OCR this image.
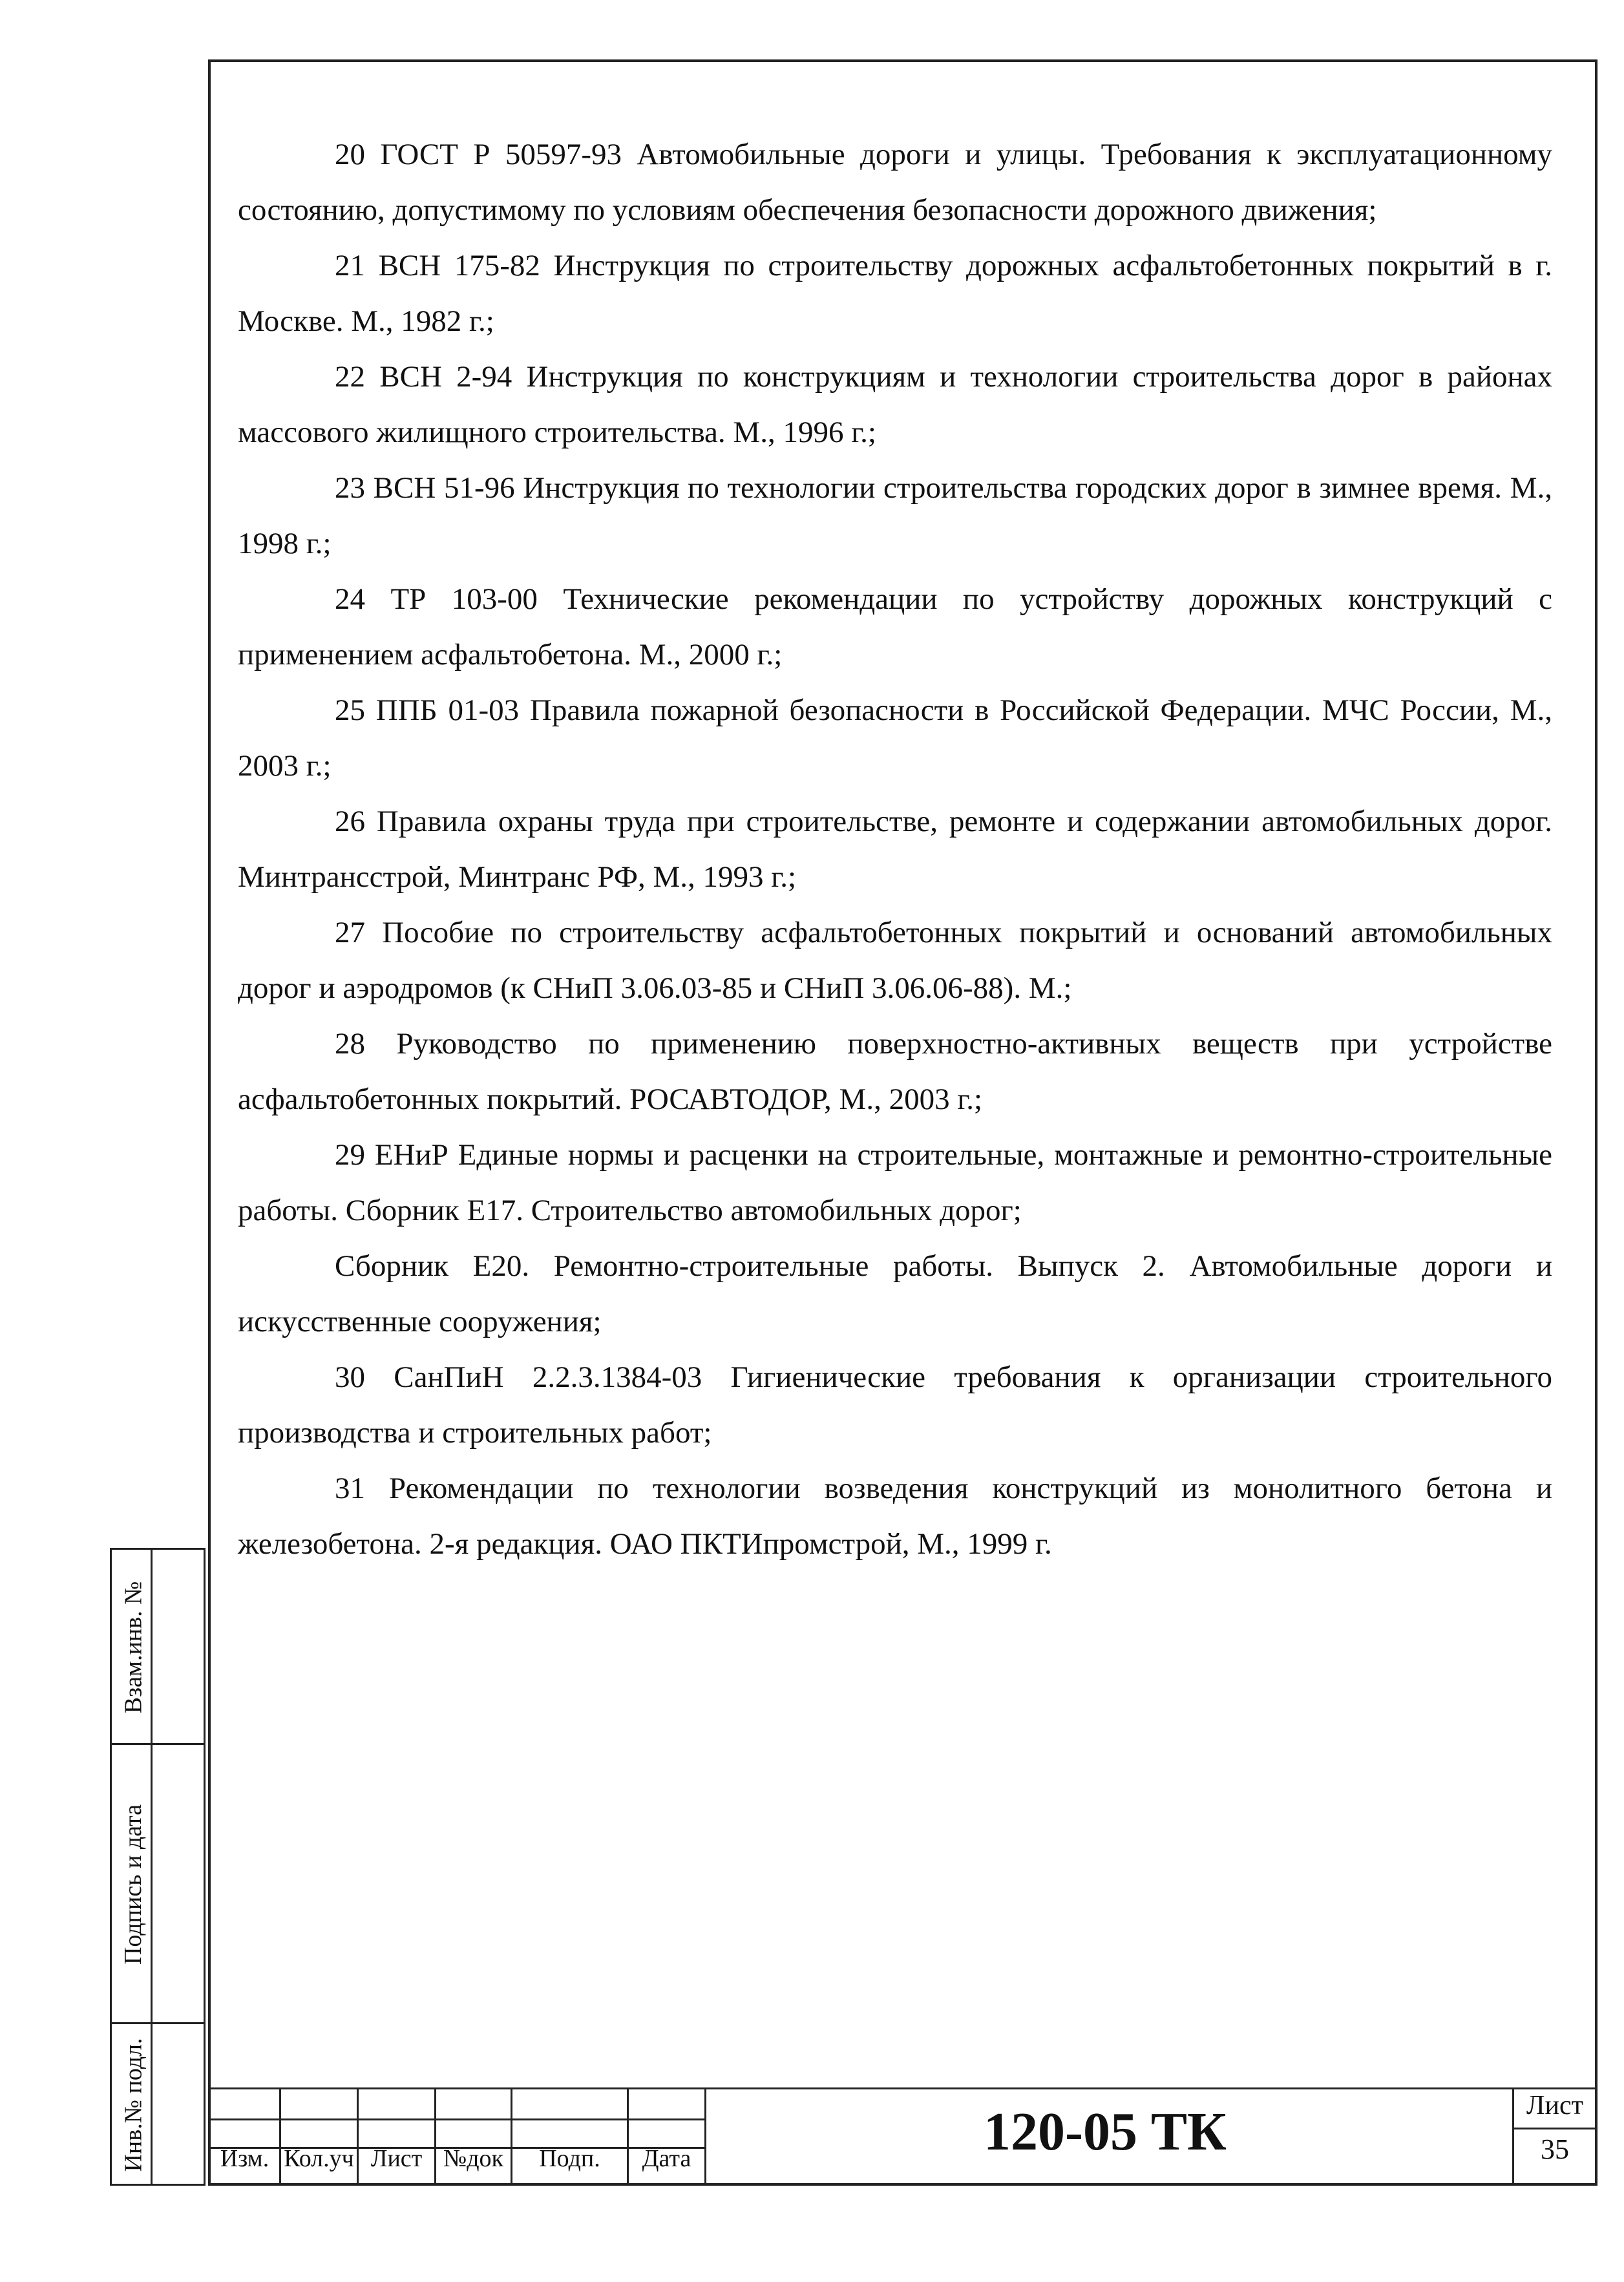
20 ГОСТ Р 50597-93 Автомобильные дороги и улицы. Требования к эксплуатационному состоянию, допустимому по условиям обеспечения безопасности дорожного движения;

21 ВСН 175-82 Инструкция по строительству дорожных асфальтобетонных покрытий в г. Москве. М., 1982 г.;

22 ВСН 2-94 Инструкция по конструкциям и технологии строительства дорог в районах массового жилищного строительства. М., 1996 г.;

23 ВСН 51-96 Инструкция по технологии строительства городских дорог в зимнее время. М., 1998 г.;

24 ТР 103-00 Технические рекомендации по устройству дорожных конструкций с применением асфальтобетона. М., 2000 г.;

25 ППБ 01-03 Правила пожарной безопасности в Российской Федерации. МЧС России, М., 2003 г.;

26 Правила охраны труда при строительстве, ремонте и содержании автомобильных дорог. Минтрансстрой, Минтранс РФ, М., 1993 г.;

27 Пособие по строительству асфальтобетонных покрытий и оснований автомобильных дорог и аэродромов (к СНиП 3.06.03-85 и СНиП 3.06.06-88). М.;

28 Руководство по применению поверхностно-активных веществ при устройстве асфальтобетонных покрытий. РОСАВТОДОР, М., 2003 г.;

29 ЕНиР Единые нормы и расценки на строительные, монтажные и ремонтно-строительные работы. Сборник Е17. Строительство автомобильных дорог;

Сборник Е20. Ремонтно-строительные работы. Выпуск 2. Автомобильные дороги и искусственные сооружения;

30 СанПиН 2.2.3.1384-03 Гигиенические требования к организации строительного производства и строительных работ;

31 Рекомендации по технологии возведения конструкций из монолитного бетона и железобетона. 2-я редакция. ОАО ПКТИпромстрой, М., 1999 г.

Взам.инв. №
Подпись и дата
Инв.№ подл.	Изм. Кол.уч Лист №док	Подп.	Дата	120-05 ТК	Лист
35
